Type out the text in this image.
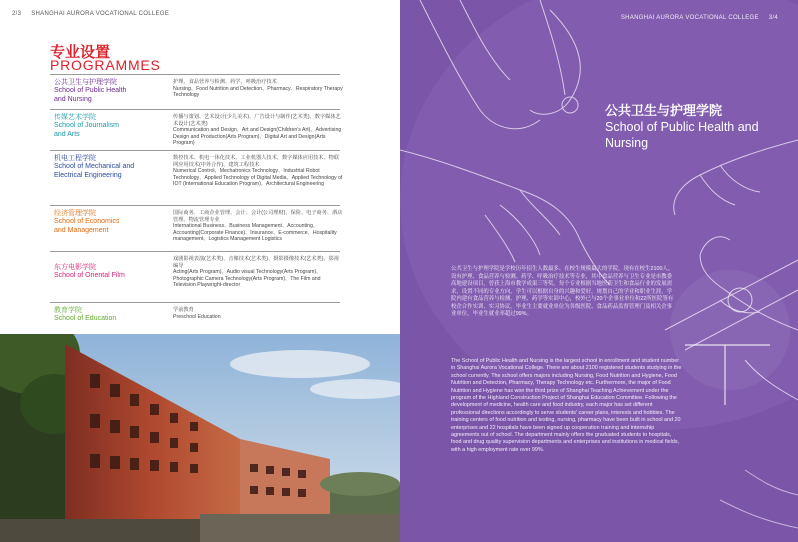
2/3 SHANGHAI AURORA VOCATIONAL COLLEGE
专业设置
PROGRAMMES
公共卫生与护理学院
School of Public Health and Nursing
护理、食品营养与检测、药学、呼吸治疗技术
Nursing、Food Nutrition and Detection、Pharmacy、Respiratory Therapy Technology
传媒艺术学院
School of Journalism and Arts
传播与策划、艺术设计(少儿美术)、广告设计与制作(艺术类)、数字媒体艺术设计(艺术类)
Communication and Design、Art and Design(Children's Art)、Advertising Design and Production(Arts Program)、Digital Art and Design(Arts Program)
机电工程学院
School of Mechanical and Electrical Engineering
数控技术、机电一体化技术、工业机器人技术、数字媒体应用技术、物联网应用技术(中外合作)、建筑工程技术
Numerical Control、Mechatronics Technology、Industrial Robot Technology、Applied Technology of Digital Media、Applied Technology of IOT (International Education Program)、Architectural Engineering
经济管理学院
School of Economics and Management
国际商务、工商企业管理、会计、会计(公司理财)、保险、电子商务、酒店管理、物流管理专业
International Business、Business Management、Accounting、Accounting(Corporate Finance)、Insurance、E-commerce、Hospitality management、Logistics Management Logistics
东方电影学院
School of Oriental Film
戏剧影视表演(艺术类)、音像技术(艺术类)、摄影摄像技术(艺术类)、影视编导
Acting(Arts Program)、Audio visual Technology(Arts Program)、Photographic Camera Technology(Arts Program)、The Film and Television Playwright-director
教育学院
School of Education
学前教育
Preschool Education
SHANGHAI AURORA VOCATIONAL COLLEGE 3/4
公共卫生与护理学院
School of Public Health and Nursing
公共卫生与护理学院是学校历年招生人数最多、在校生规模最大的学院，现有在校生2100人。设有护理、食品营养与检测、药学、呼吸治疗技术等专业，其中食品营养与卫生专业是市教委高地建设项目，曾获上海市教学成果三等奖。每个专业根据当地医药卫生和食品行业的发展需求，设置不同的专业方向，学生可以根据自身的兴趣和爱好，规划自己的学业和职业生涯。学院内建有食品营养与检测、护理、药学等实训中心，校外已与20个企事业单位和22所医院签有校企合作实训、实习协议。毕业生主要就业单位为各级医院、食品药品监督管理门及相关企事业单位，毕业生就业率超过99%。
The School of Public Health and Nursing is the largest school in enrollment and student number in Shanghai Aurora Vocational College. There are about 2100 registered students studying in the school currently. The school offers majors including Nursing, Food Nutrition and Hygiene, Food Nutrition and Detection, Pharmacy, Therapy Technology etc. Furthermore, the major of Food Nutrition and Hygiene has won the third prize of Shanghai Teaching Achievement under the program of the Highland Construction Project of Shanghai Education Committee. Following the development of medicine, health care and food industry, each major has set different professional directions accordingly to serve students' career plans, interests and hobbies. The training centers of food nutrition and testing, nursing, pharmacy have been built in school and 20 enterprises and 22 hospitals have been signed up cooperation training and internship agreements out of school. The department mainly offers the graduated students to hospitals, food and drug quality supervision departments and enterprises and institutions in medical fields, with a high employment rate over 99%.
